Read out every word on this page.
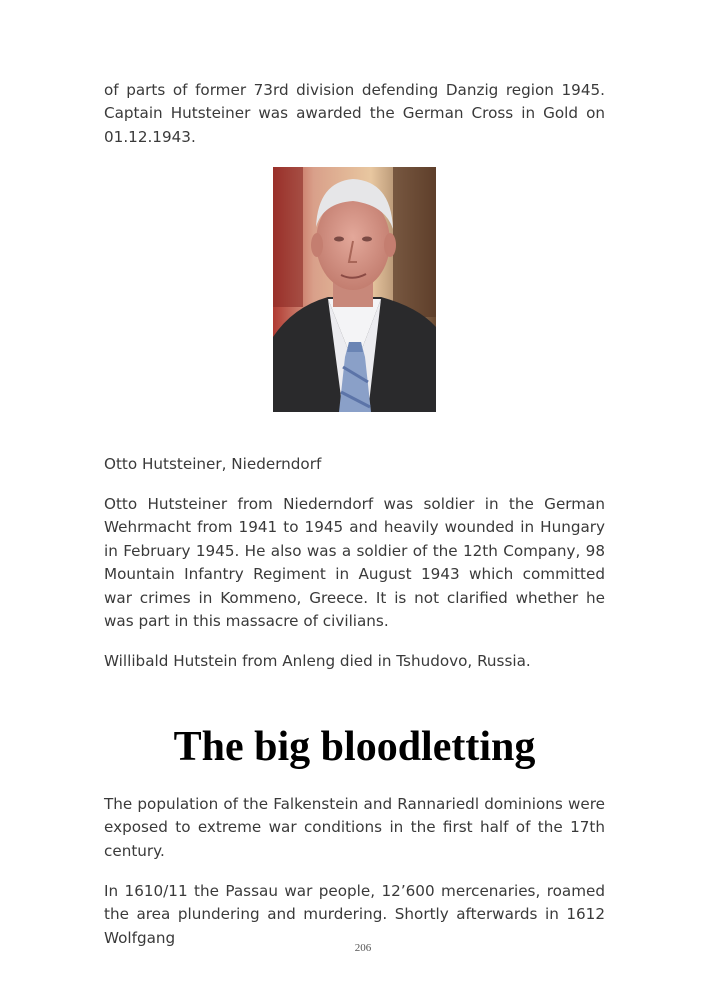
of parts of former 73rd division defending Danzig region 1945. Captain Hutsteiner was awarded the German Cross in Gold on 01.12.1943.

Otto Hutsteiner, Niederndorf

Otto Hutsteiner from Niederndorf was soldier in the German Wehrmacht from 1941 to 1945 and heavily wounded in Hungary in February 1945. He also was a soldier of the 12th Company, 98 Mountain Infantry Regiment in August 1943 which committed war crimes in Kommeno, Greece. It is not clarified whether he was part in this massacre of civilians.

Willibald Hutstein from Anleng died in Tshudovo, Russia.

The big bloodletting

The population of the Falkenstein and Rannariedl dominions were exposed to extreme war conditions in the first half of the 17th century.

In 1610/11 the Passau war people, 12’600 mercenaries, roamed the area plundering and murdering. Shortly afterwards in 1612 Wolfgang

206
